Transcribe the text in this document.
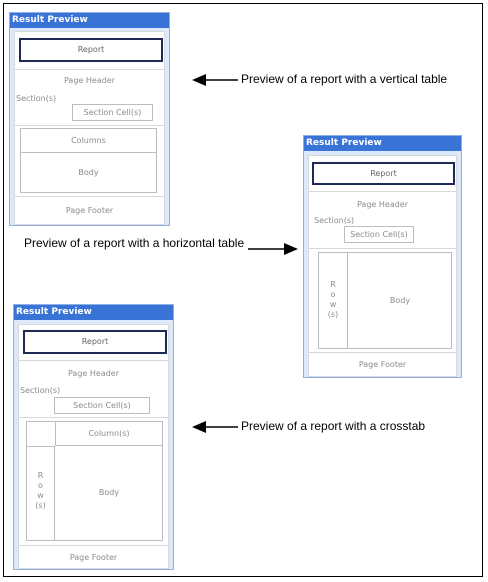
Result Preview
Report
Page Header
Section(s)
Section Cell(s)
Columns
Body
Page Footer
Result Preview
Report
Page Header
Section(s)
Section Cell(s)
R
o
w
(s)
Body
Page Footer
Result Preview
Report
Page Header
Section(s)
Section Cell(s)
Column(s)
R
o
w
(s)
Body
Page Footer
Preview of a report with a vertical table
Preview of a report with a horizontal table
Preview of a report with a crosstab
